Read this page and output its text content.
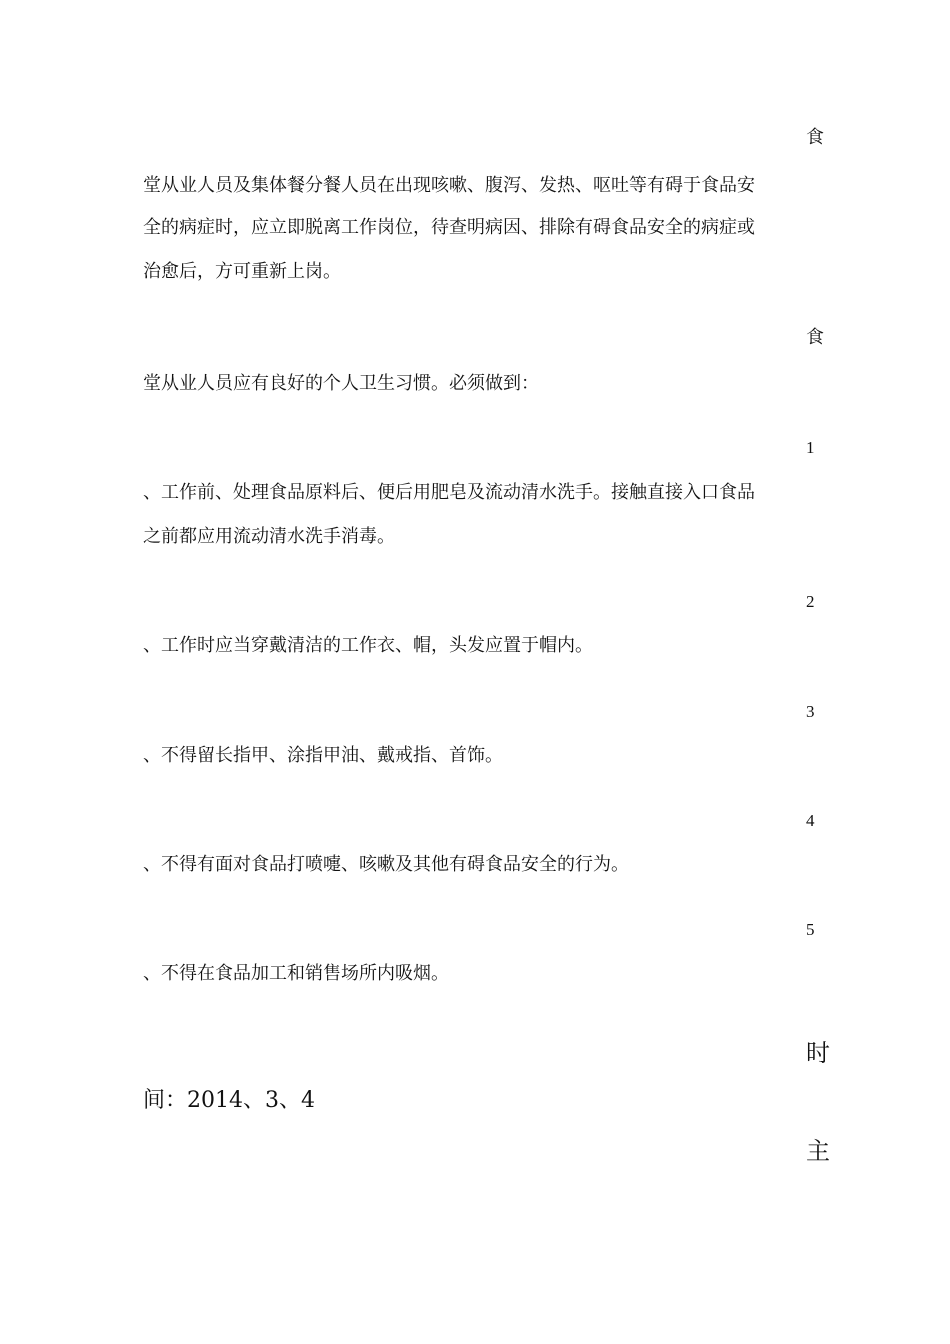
食
堂从业人员及集体餐分餐人员在出现咳嗽、腹泻、发热、呕吐等有碍于食品安
全的病症时，应立即脱离工作岗位，待查明病因、排除有碍食品安全的病症或
治愈后，方可重新上岗。
食
堂从业人员应有良好的个人卫生习惯。必须做到：
1
、工作前、处理食品原料后、便后用肥皂及流动清水洗手。接触直接入口食品
之前都应用流动清水洗手消毒。
2
、工作时应当穿戴清洁的工作衣、帽，头发应置于帽内。
3
、不得留长指甲、涂指甲油、戴戒指、首饰。
4
、不得有面对食品打喷嚏、咳嗽及其他有碍食品安全的行为。
5
、不得在食品加工和销售场所内吸烟。
时
间：2014、3、4
主
